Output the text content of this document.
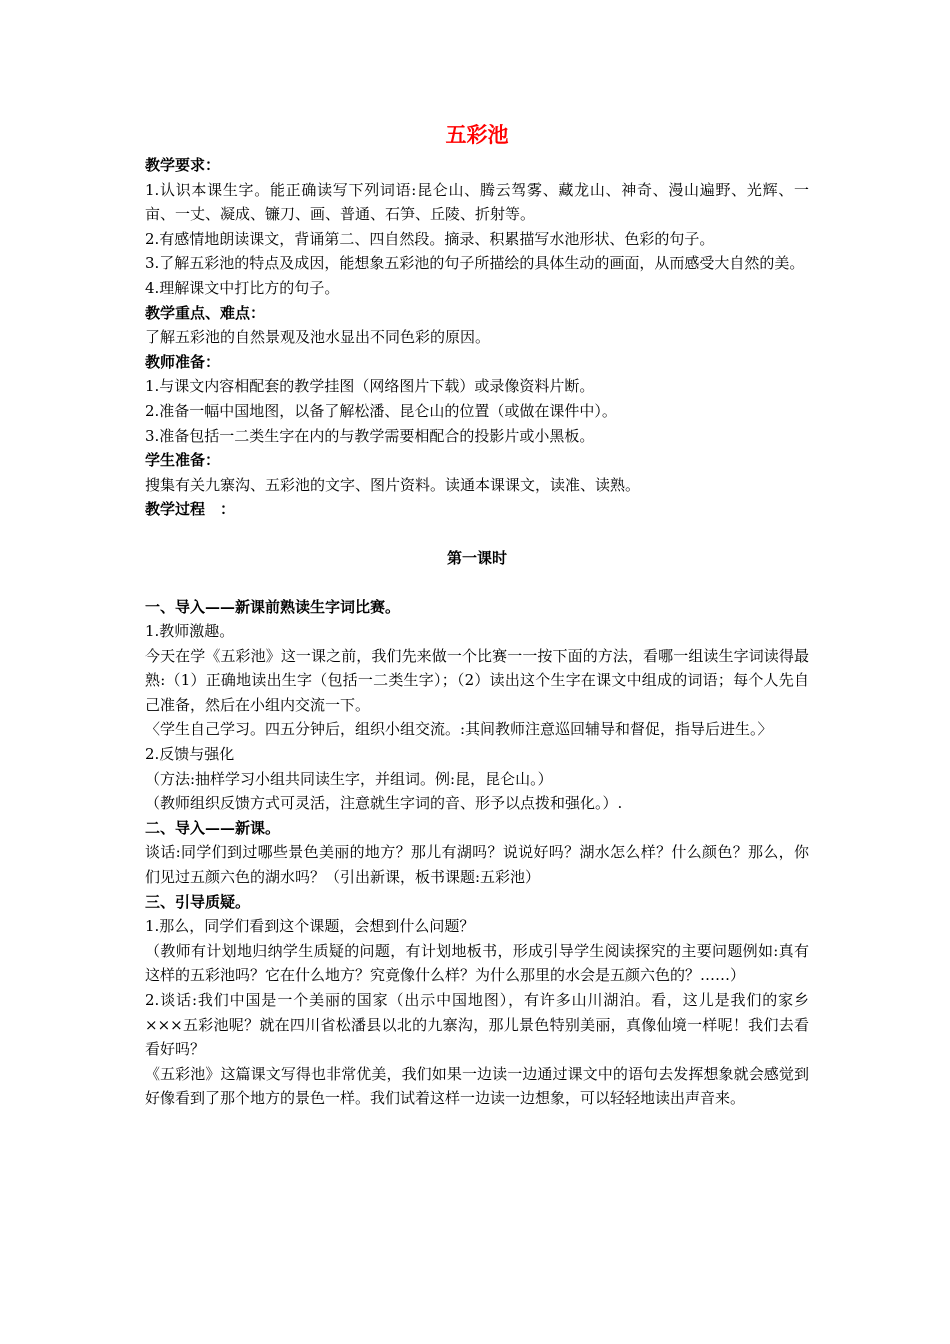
五彩池
教学要求：
1.认识本课生字。能正确读写下列词语:昆仑山、腾云驾雾、藏龙山、神奇、漫山遍野、光辉、一亩、一丈、凝成、镰刀、画、普通、石笋、丘陵、折射等。
2.有感情地朗读课文，背诵第二、四自然段。摘录、积累描写水池形状、色彩的句子。
3.了解五彩池的特点及成因，能想象五彩池的句子所描绘的具体生动的画面，从而感受大自然的美。
4.理解课文中打比方的句子。
教学重点、难点：
了解五彩池的自然景观及池水显出不同色彩的原因。
教师准备：
1.与课文内容相配套的教学挂图（网络图片下载）或录像资料片断。
2.准备一幅中国地图，以备了解松潘、昆仑山的位置（或做在课件中）。
3.准备包括一二类生字在内的与教学需要相配合的投影片或小黑板。
学生准备：
搜集有关九寨沟、五彩池的文字、图片资料。读通本课课文，读准、读熟。
教学过程　：
第一课时
一、导入——新课前熟读生字词比赛。
1.教师激趣。
今天在学《五彩池》这一课之前，我们先来做一个比赛一一按下面的方法，看哪一组读生字词读得最熟:（1）正确地读出生字（包括一二类生字）；（2）读出这个生字在课文中组成的词语；每个人先自己准备，然后在小组内交流一下。
〈学生自己学习。四五分钟后，组织小组交流。:其间教师注意巡回辅导和督促，指导后进生。〉
2.反馈与强化
（方法:抽样学习小组共同读生字，并组词。例:昆，昆仑山。）
（教师组织反馈方式可灵活，注意就生字词的音、形予以点拨和强化。）.
二、导入——新课。
谈话:同学们到过哪些景色美丽的地方？那儿有湖吗？说说好吗？湖水怎么样？什么颜色？那么，你们见过五颜六色的湖水吗？（引出新课，板书课题:五彩池）
三、引导质疑。
1.那么，同学们看到这个课题，会想到什么问题？
（教师有计划地归纳学生质疑的问题，有计划地板书，形成引导学生阅读探究的主要问题例如:真有这样的五彩池吗？它在什么地方？究竟像什么样？为什么那里的水会是五颜六色的？……）
2.谈话:我们中国是一个美丽的国家（出示中国地图），有许多山川湖泊。看，这儿是我们的家乡×××五彩池呢？就在四川省松潘县以北的九寨沟，那儿景色特别美丽，真像仙境一样呢！我们去看看好吗？
《五彩池》这篇课文写得也非常优美，我们如果一边读一边通过课文中的语句去发挥想象就会感觉到好像看到了那个地方的景色一样。我们试着这样一边读一边想象，可以轻轻地读出声音来。
